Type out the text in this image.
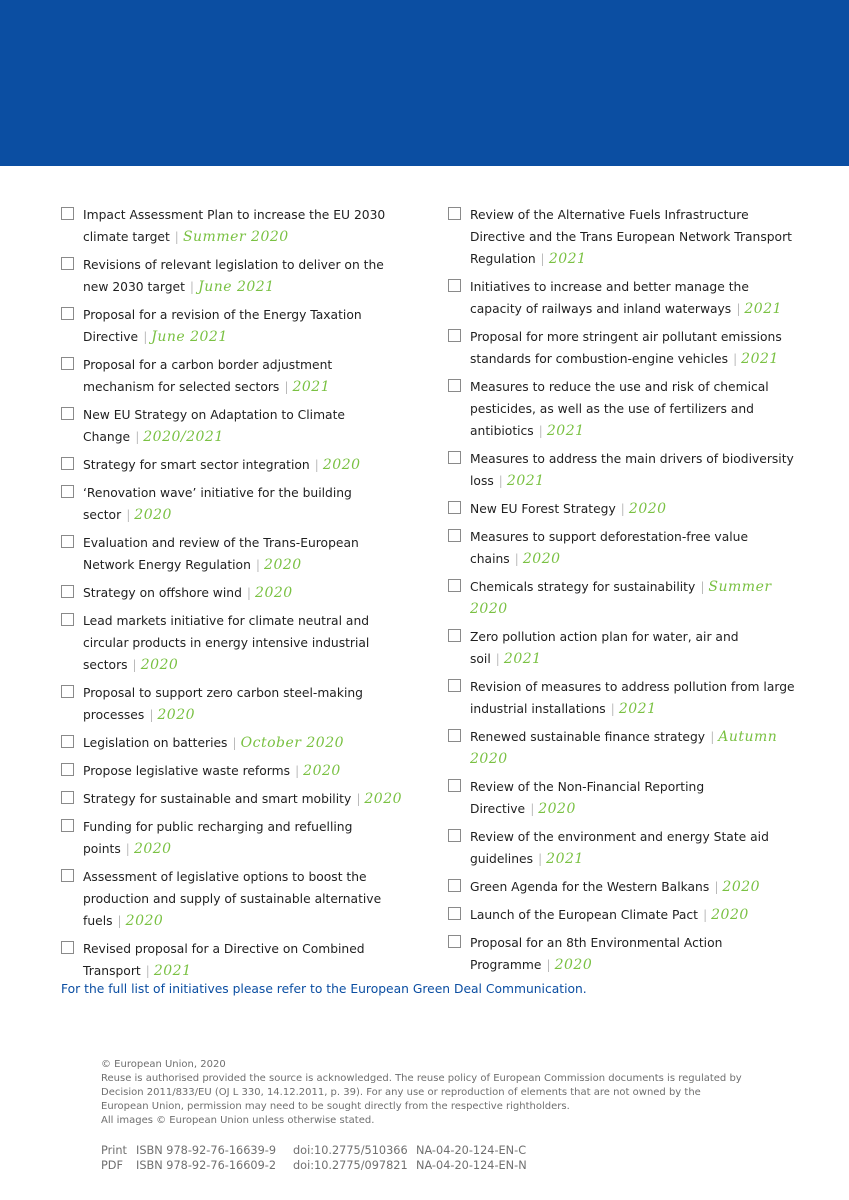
Impact Assessment Plan to increase the EU 2030 climate target | Summer 2020
Revisions of relevant legislation to deliver on the new 2030 target | June 2021
Proposal for a revision of the Energy Taxation Directive | June 2021
Proposal for a carbon border adjustment mechanism for selected sectors | 2021
New EU Strategy on Adaptation to Climate Change | 2020/2021
Strategy for smart sector integration | 2020
‘Renovation wave’ initiative for the building sector | 2020
Evaluation and review of the Trans-European Network Energy Regulation | 2020
Strategy on offshore wind | 2020
Lead markets initiative for climate neutral and circular products in energy intensive industrial sectors | 2020
Proposal to support zero carbon steel-making processes | 2020
Legislation on batteries | October 2020
Propose legislative waste reforms | 2020
Strategy for sustainable and smart mobility | 2020
Funding for public recharging and refuelling points | 2020
Assessment of legislative options to boost the production and supply of sustainable alternative fuels | 2020
Revised proposal for a Directive on Combined Transport | 2021
Review of the Alternative Fuels Infrastructure Directive and the Trans European Network Transport Regulation | 2021
Initiatives to increase and better manage the capacity of railways and inland waterways | 2021
Proposal for more stringent air pollutant emissions standards for combustion-engine vehicles | 2021
Measures to reduce the use and risk of chemical pesticides, as well as the use of fertilizers and antibiotics | 2021
Measures to address the main drivers of biodiversity loss | 2021
New EU Forest Strategy | 2020
Measures to support deforestation-free value chains | 2020
Chemicals strategy for sustainability | Summer 2020
Zero pollution action plan for water, air and soil | 2021
Revision of measures to address pollution from large industrial installations | 2021
Renewed sustainable finance strategy | Autumn 2020
Review of the Non-Financial Reporting Directive | 2020
Review of the environment and energy State aid guidelines | 2021
Green Agenda for the Western Balkans | 2020
Launch of the European Climate Pact | 2020
Proposal for an 8th Environmental Action Programme | 2020
For the full list of initiatives please refer to the European Green Deal Communication.

© European Union, 2020

Reuse is authorised provided the source is acknowledged. The reuse policy of European Commission documents is regulated by Decision 2011/833/EU (OJ L 330, 14.12.2011, p. 39). For any use or reproduction of elements that are not owned by the European Union, permission may need to be sought directly from the respective rightholders.

All images © European Union unless otherwise stated.

Print ISBN 978-92-76-16639-9 doi:10.2775/510366 NA-04-20-124-EN-C
PDF ISBN 978-92-76-16609-2 doi:10.2775/097821 NA-04-20-124-EN-N
